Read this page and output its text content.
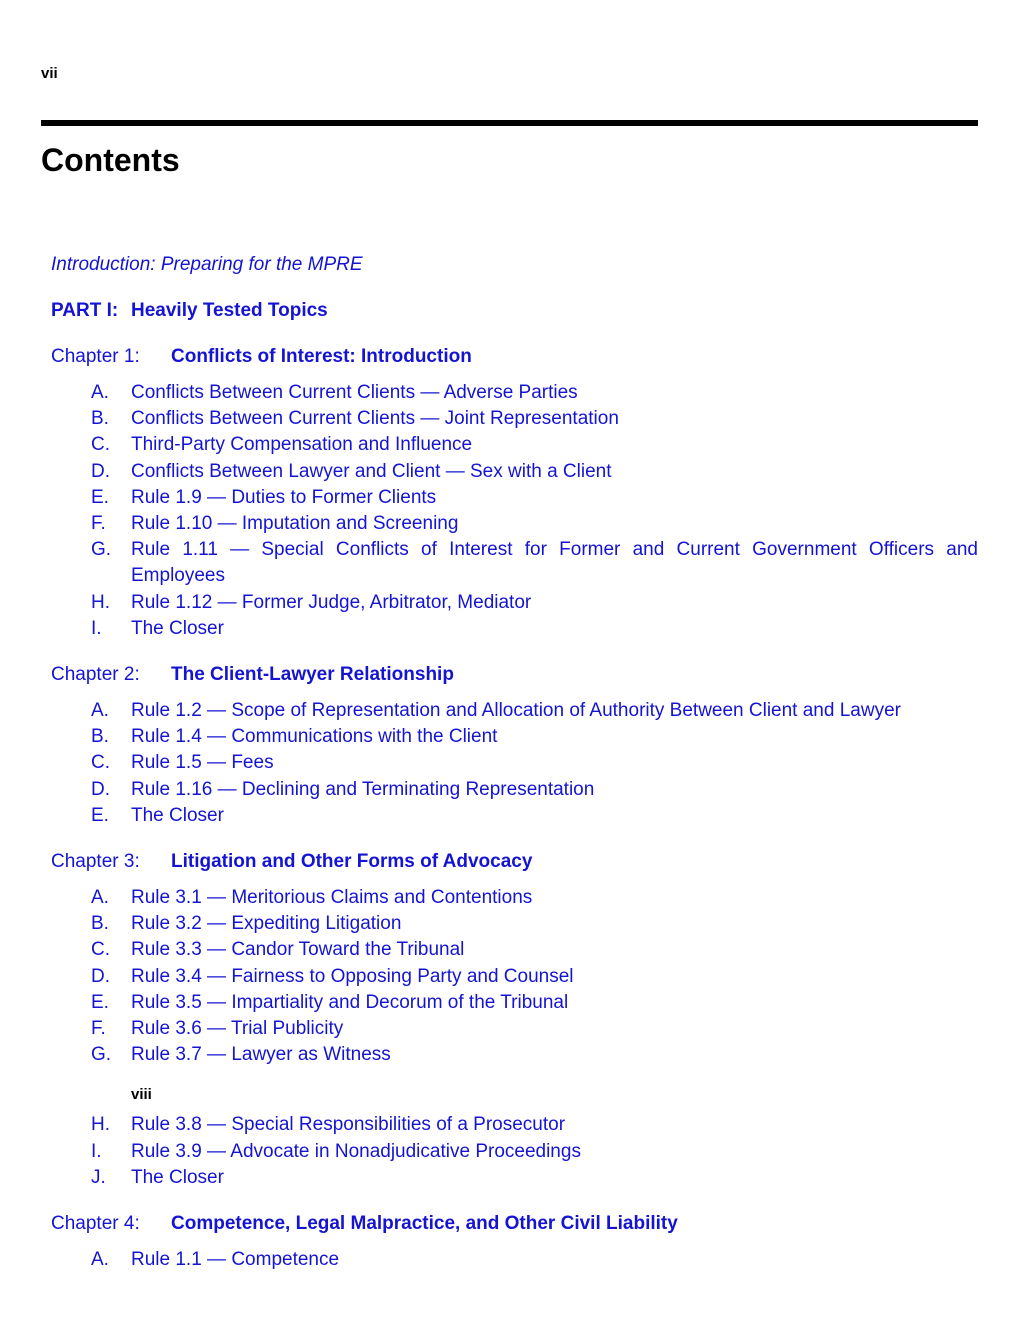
vii
Contents
Introduction: Preparing for the MPRE
PART I: Heavily Tested Topics
Chapter 1:	Conflicts of Interest: Introduction
A.	Conflicts Between Current Clients — Adverse Parties
B.	Conflicts Between Current Clients — Joint Representation
C.	Third-Party Compensation and Influence
D.	Conflicts Between Lawyer and Client — Sex with a Client
E.	Rule 1.9 — Duties to Former Clients
F.	Rule 1.10 — Imputation and Screening
G.	Rule 1.11 — Special Conflicts of Interest for Former and Current Government Officers and Employees
H.	Rule 1.12 — Former Judge, Arbitrator, Mediator
I.	The Closer
Chapter 2:	The Client-Lawyer Relationship
A.	Rule 1.2 — Scope of Representation and Allocation of Authority Between Client and Lawyer
B.	Rule 1.4 — Communications with the Client
C.	Rule 1.5 — Fees
D.	Rule 1.16 — Declining and Terminating Representation
E.	The Closer
Chapter 3:	Litigation and Other Forms of Advocacy
A.	Rule 3.1 — Meritorious Claims and Contentions
B.	Rule 3.2 — Expediting Litigation
C.	Rule 3.3 — Candor Toward the Tribunal
D.	Rule 3.4 — Fairness to Opposing Party and Counsel
E.	Rule 3.5 — Impartiality and Decorum of the Tribunal
F.	Rule 3.6 — Trial Publicity
G.	Rule 3.7 — Lawyer as Witness
viii
H.	Rule 3.8 — Special Responsibilities of a Prosecutor
I.	Rule 3.9 — Advocate in Nonadjudicative Proceedings
J.	The Closer
Chapter 4:	Competence, Legal Malpractice, and Other Civil Liability
A.	Rule 1.1 — Competence
